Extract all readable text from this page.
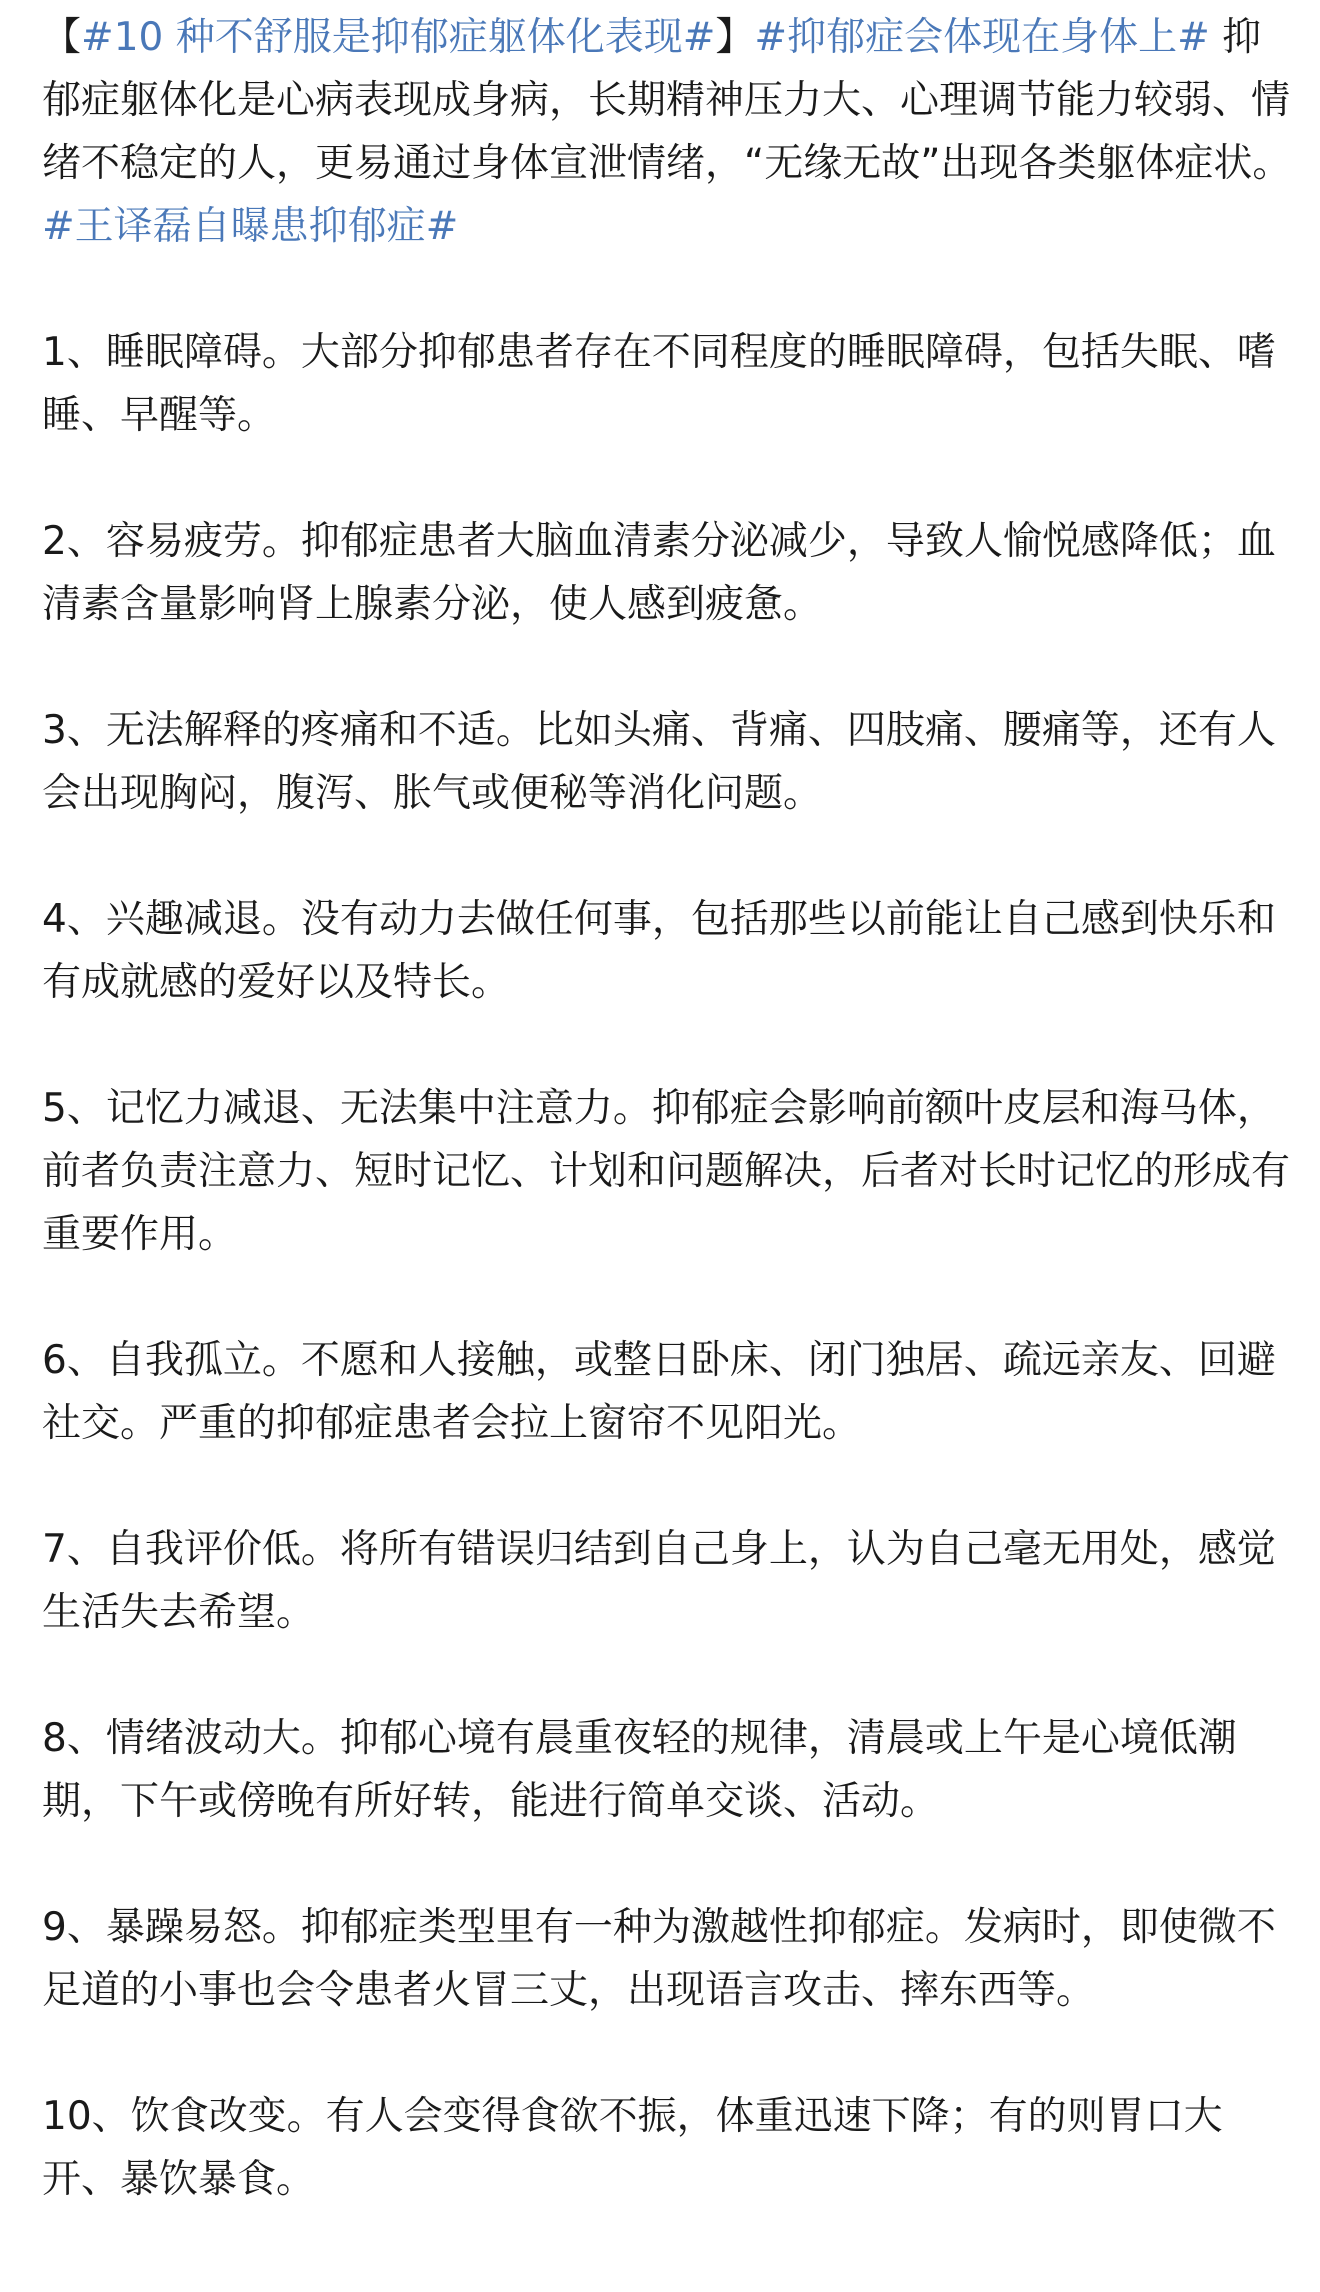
【#10 种不舒服是抑郁症躯体化表现#】#抑郁症会体现在身体上# 抑郁症躯体化是心病表现成身病，长期精神压力大、心理调节能力较弱、情绪不稳定的人，更易通过身体宣泄情绪，“无缘无故”出现各类躯体症状。#王译磊自曝患抑郁症#

1、睡眠障碍。大部分抑郁患者存在不同程度的睡眠障碍，包括失眠、嗜睡、早醒等。

2、容易疲劳。抑郁症患者大脑血清素分泌减少，导致人愉悦感降低；血清素含量影响肾上腺素分泌，使人感到疲惫。

3、无法解释的疼痛和不适。比如头痛、背痛、四肢痛、腰痛等，还有人会出现胸闷，腹泻、胀气或便秘等消化问题。

4、兴趣减退。没有动力去做任何事，包括那些以前能让自己感到快乐和有成就感的爱好以及特长。

5、记忆力减退、无法集中注意力。抑郁症会影响前额叶皮层和海马体，前者负责注意力、短时记忆、计划和问题解决，后者对长时记忆的形成有重要作用。

6、自我孤立。不愿和人接触，或整日卧床、闭门独居、疏远亲友、回避社交。严重的抑郁症患者会拉上窗帘不见阳光。

7、自我评价低。将所有错误归结到自己身上，认为自己毫无用处，感觉生活失去希望。

8、情绪波动大。抑郁心境有晨重夜轻的规律，清晨或上午是心境低潮期，下午或傍晚有所好转，能进行简单交谈、活动。

9、暴躁易怒。抑郁症类型里有一种为激越性抑郁症。发病时，即使微不足道的小事也会令患者火冒三丈，出现语言攻击、摔东西等。

10、饮食改变。有人会变得食欲不振，体重迅速下降；有的则胃口大开、暴饮暴食。
